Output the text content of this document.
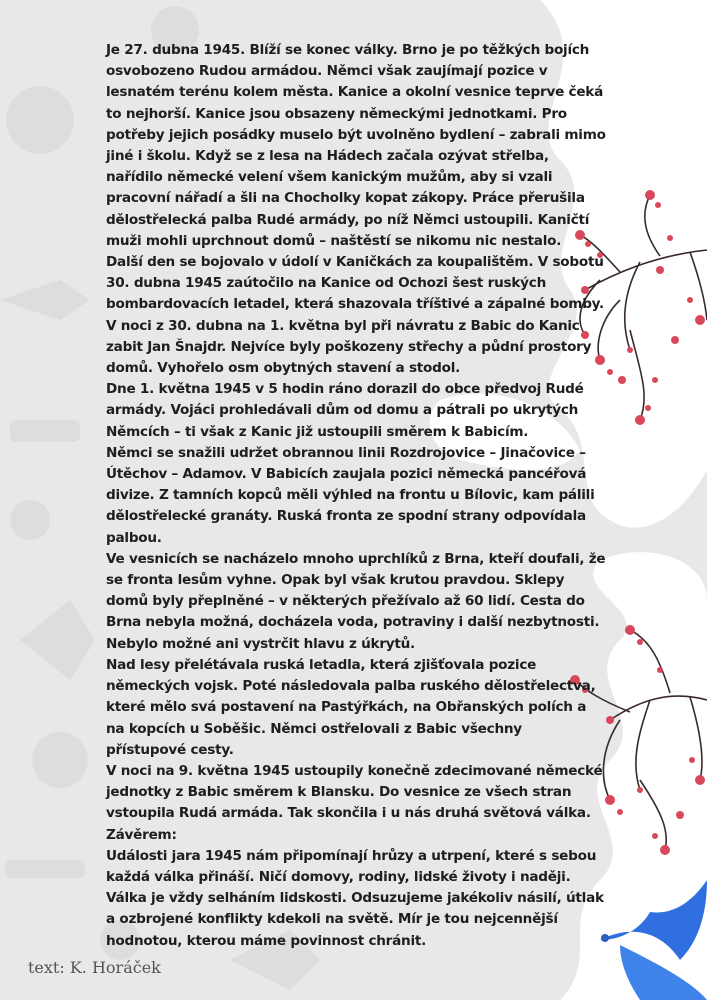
Je 27. dubna 1945. Blíží se konec války. Brno je po těžkých bojích osvobozeno Rudou armádou. Němci však zaujímají pozice v lesnatém terénu kolem města. Kanice a okolní vesnice teprve čeká to nejhorší. Kanice jsou obsazeny německými jednotkami. Pro potřeby jejich posádky muselo být uvolněno bydlení – zabrali mimo jiné i školu. Když se z lesa na Hádech začala ozývat střelba, nařídilo německé velení všem kanickým mužům, aby si vzali pracovní nářadí a šli na Chocholky kopat zákopy. Práce přerušila dělostřelecká palba Rudé armády, po níž Němci ustoupili. Kaničtí muži mohli uprchnout domů – naštěstí se nikomu nic nestalo.

Další den se bojovalo v údolí v Kaničkách za koupalištěm. V sobotu 30. dubna 1945 zaútočilo na Kanice od Ochozi šest ruských bombardovacích letadel, která shazovala tříštivé a zápalné bomby. V noci z 30. dubna na 1. května byl při návratu z Babic do Kanic zabit Jan Šnajdr. Nejvíce byly poškozeny střechy a půdní prostory domů. Vyhořelo osm obytných stavení a stodol.

Dne 1. května 1945 v 5 hodin ráno dorazil do obce předvoj Rudé armády. Vojáci prohledávali dům od domu a pátrali po ukrytých Němcích – ti však z Kanic již ustoupili směrem k Babicím.

Němci se snažili udržet obrannou linii Rozdrojovice – Jinačovice – Útěchov – Adamov. V Babicích zaujala pozici německá pancéřová divize. Z tamních kopců měli výhled na frontu u Bílovic, kam pálili dělostřelecké granáty. Ruská fronta ze spodní strany odpovídala palbou.

Ve vesnicích se nacházelo mnoho uprchlíků z Brna, kteří doufali, že se fronta lesům vyhne. Opak byl však krutou pravdou. Sklepy domů byly přeplněné – v některých přežívalo až 60 lidí. Cesta do Brna nebyla možná, docházela voda, potraviny i další nezbytnosti. Nebylo možné ani vystrčit hlavu z úkrytů.

Nad lesy přelétávala ruská letadla, která zjišťovala pozice německých vojsk. Poté následovala palba ruského dělostřelectva, které mělo svá postavení na Pastýřkách, na Obřanských polích a na kopcích u Soběšic. Němci ostřelovali z Babic všechny přístupové cesty.

V noci na 9. května 1945 ustoupily konečně zdecimované německé jednotky z Babic směrem k Blansku. Do vesnice ze všech stran vstoupila Rudá armáda. Tak skončila i u nás druhá světová válka.

Závěrem:

Události jara 1945 nám připomínají hrůzy a utrpení, které s sebou každá válka přináší. Ničí domovy, rodiny, lidské životy i naději. Válka je vždy selháním lidskosti. Odsuzujeme jakékoliv násilí, útlak a ozbrojené konflikty kdekoli na světě. Mír je tou nejcennější hodnotou, kterou máme povinnost chránit.

text: K. Horáček
